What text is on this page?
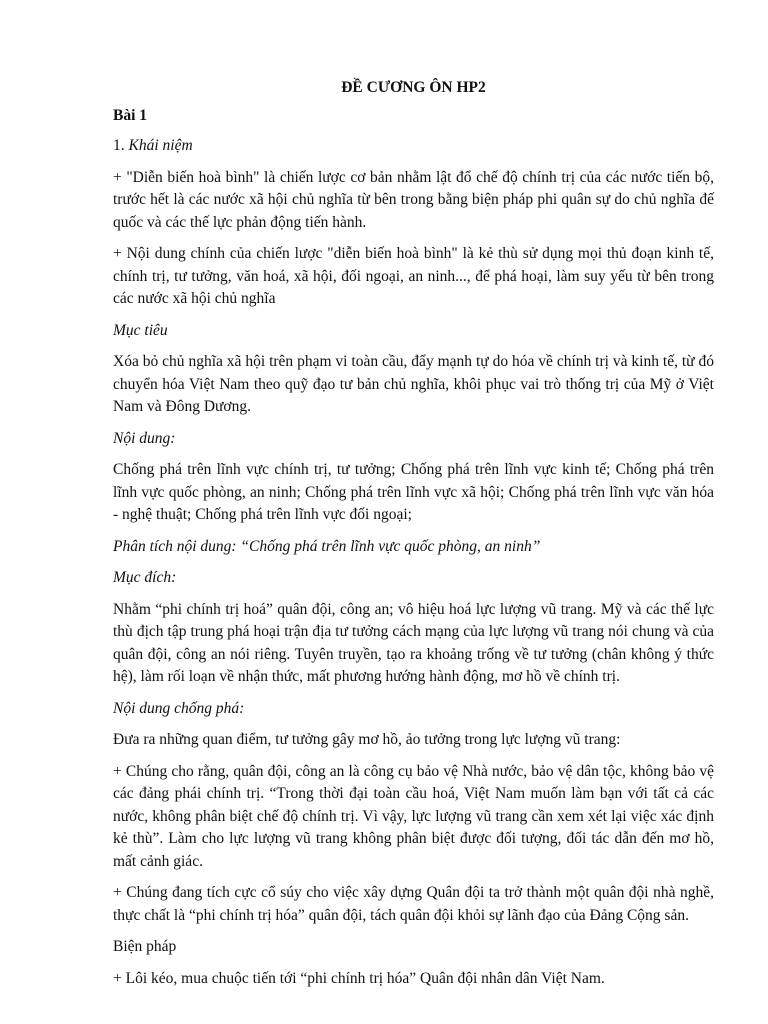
ĐỀ CƯƠNG ÔN HP2
Bài 1

1. Khái niệm

+ "Diễn biến hoà bình" là chiến lược cơ bản nhằm lật đổ chế độ chính trị của các nước tiến bộ, trước hết là các nước xã hội chủ nghĩa từ bên trong bằng biện pháp phi quân sự do chủ nghĩa đế quốc và các thế lực phản động tiến hành.

+ Nội dung chính của chiến lược "diễn biến hoà bình" là kẻ thù sử dụng mọi thủ đoạn kinh tế, chính trị, tư tưởng, văn hoá, xã hội, đối ngoại, an ninh..., để phá hoại, làm suy yếu từ bên trong các nước xã hội chủ nghĩa

Mục tiêu

Xóa bỏ chủ nghĩa xã hội trên phạm vi toàn cầu, đẩy mạnh tự do hóa về chính trị và kinh tế, từ đó chuyển hóa Việt Nam theo quỹ đạo tư bản chủ nghĩa, khôi phục vai trò thống trị của Mỹ ở Việt Nam và Đông Dương.

Nội dung:

Chống phá trên lĩnh vực chính trị, tư tưởng; Chống phá trên lĩnh vực kinh tế; Chống phá trên lĩnh vực quốc phòng, an ninh; Chống phá trên lĩnh vực xã hội; Chống phá trên lĩnh vực văn hóa - nghệ thuật; Chống phá trên lĩnh vực đối ngoại;

Phân tích nội dung: “Chống phá trên lĩnh vực quốc phòng, an ninh”

Mục đích:

Nhằm “phi chính trị hoá” quân đội, công an; vô hiệu hoá lực lượng vũ trang. Mỹ và các thế lực thù địch tập trung phá hoại trận địa tư tưởng cách mạng của lực lượng vũ trang nói chung và của quân đội, công an nói riêng. Tuyên truyền, tạo ra khoảng trống về tư tưởng (chân không ý thức hệ), làm rối loạn về nhận thức, mất phương hướng hành động, mơ hồ về chính trị.

Nội dung chống phá:

Đưa ra những quan điểm, tư tưởng gây mơ hồ, ảo tưởng trong lực lượng vũ trang:

+ Chúng cho rằng, quân đội, công an là công cụ bảo vệ Nhà nước, bảo vệ dân tộc, không bảo vệ các đảng phái chính trị. “Trong thời đại toàn cầu hoá, Việt Nam muốn làm bạn với tất cả các nước, không phân biệt chế độ chính trị. Vì vậy, lực lượng vũ trang cần xem xét lại việc xác định kẻ thù”. Làm cho lực lượng vũ trang không phân biệt được đối tượng, đối tác dẫn đến mơ hồ, mất cảnh giác.

+ Chúng đang tích cực cổ súy cho việc xây dựng Quân đội ta trở thành một quân đội nhà nghề, thực chất là “phi chính trị hóa” quân đội, tách quân đội khỏi sự lãnh đạo của Đảng Cộng sản.

Biện pháp

+ Lôi kéo, mua chuộc tiến tới “phi chính trị hóa” Quân đội nhân dân Việt Nam.
